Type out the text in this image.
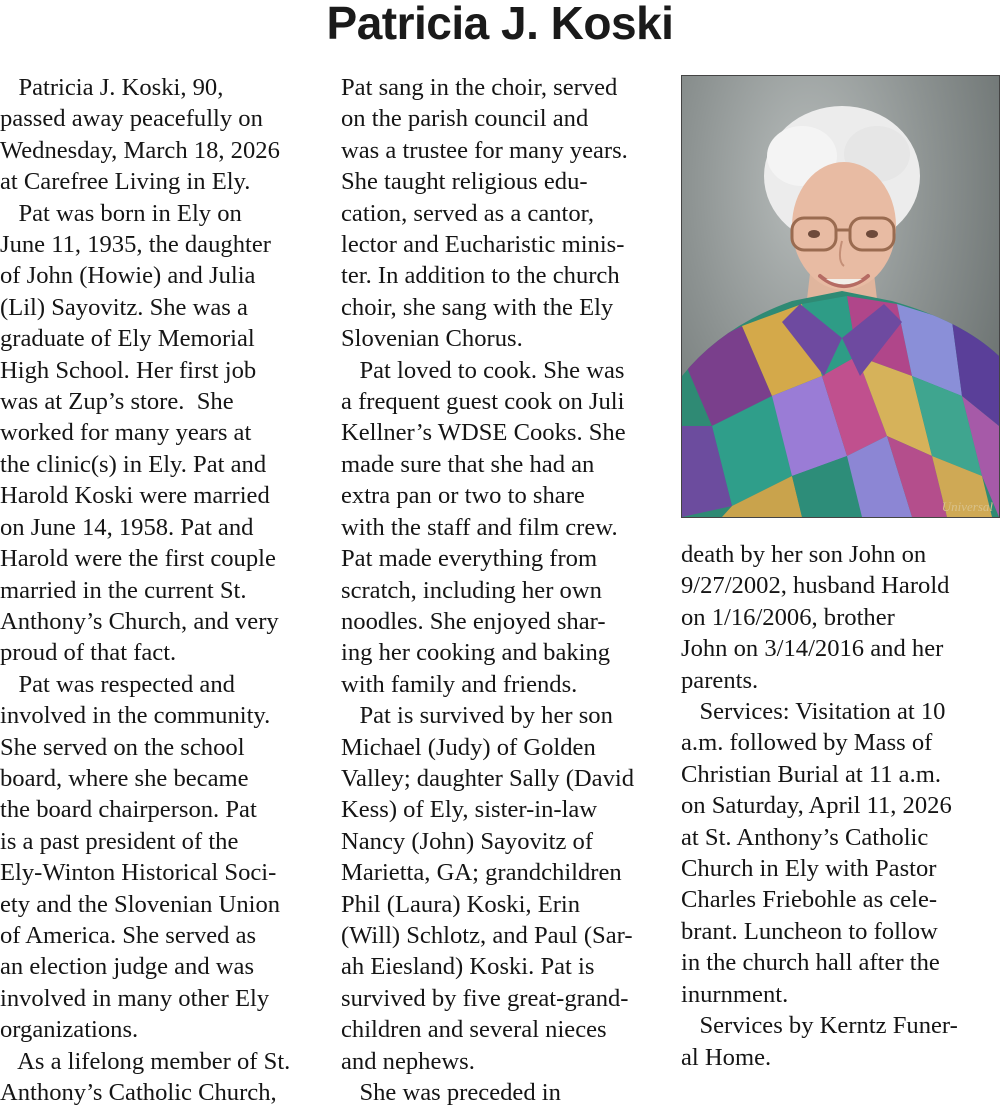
Patricia J. Koski
Patricia J. Koski, 90,
passed away peacefully on
Wednesday, March 18, 2026
at Carefree Living in Ely.
Pat was born in Ely on
June 11, 1935, the daughter
of John (Howie) and Julia
(Lil) Sayovitz. She was a
graduate of Ely Memorial
High School. Her first job
was at Zup’s store.  She
worked for many years at
the clinic(s) in Ely. Pat and
Harold Koski were married
on June 14, 1958. Pat and
Harold were the first couple
married in the current St.
Anthony’s Church, and very
proud of that fact.
Pat was respected and
involved in the community.
She served on the school
board, where she became
the board chairperson. Pat
is a past president of the
Ely-Winton Historical Soci-
ety and the Slovenian Union
of America. She served as
an election judge and was
involved in many other Ely
organizations.
As a lifelong member of St.
Anthony’s Catholic Church,
Pat sang in the choir, served
on the parish council and
was a trustee for many years.
She taught religious edu-
cation, served as a cantor,
lector and Eucharistic minis-
ter. In addition to the church
choir, she sang with the Ely
Slovenian Chorus.
Pat loved to cook. She was
a frequent guest cook on Juli
Kellner’s WDSE Cooks. She
made sure that she had an
extra pan or two to share
with the staff and film crew.
Pat made everything from
scratch, including her own
noodles. She enjoyed shar-
ing her cooking and baking
with family and friends.
Pat is survived by her son
Michael (Judy) of Golden
Valley; daughter Sally (David
Kess) of Ely, sister-in-law
Nancy (John) Sayovitz of
Marietta, GA; grandchildren
Phil (Laura) Koski, Erin
(Will) Schlotz, and Paul (Sar-
ah Eiesland) Koski. Pat is
survived by five great-grand-
children and several nieces
and nephews.
She was preceded in
Universal
death by her son John on
9/27/2002, husband Harold
on 1/16/2006, brother
John on 3/14/2016 and her
parents.
Services: Visitation at 10
a.m. followed by Mass of
Christian Burial at 11 a.m.
on Saturday, April 11, 2026
at St. Anthony’s Catholic
Church in Ely with Pastor
Charles Friebohle as cele-
brant. Luncheon to follow
in the church hall after the
inurnment.
Services by Kerntz Funer-
al Home.
